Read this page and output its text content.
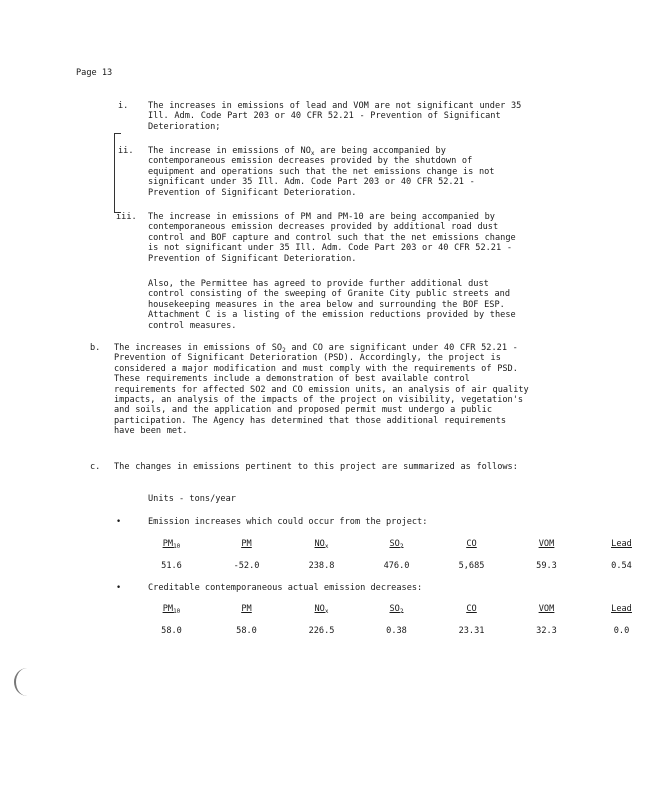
Page 13
i.	The increases in emissions of lead and VOM are not significant under 35 Ill. Adm. Code Part 203 or 40 CFR 52.21 - Prevention of Significant Deterioration;
ii.	The increase in emissions of $NO_x$ are being accompanied by contemporaneous emission decreases provided by the shutdown of equipment and operations such that the net emissions change is not significant under 35 Ill. Adm. Code Part 203 or 40 CFR 52.21 - Prevention of Significant Deterioration.
iii.	The increase in emissions of PM and PM-10 are being accompanied by contemporaneous emission decreases provided by additional road dust control and BOF capture and control such that the net emissions change is not significant under 35 Ill. Adm. Code Part 203 or 40 CFR 52.21 - Prevention of Significant Deterioration.
Also, the Permittee has agreed to provide further additional dust control consisting of the sweeping of Granite City public streets and housekeeping measures in the area below and surrounding the BOF ESP. Attachment C is a listing of the emission reductions provided by these control measures.
b.	The increases in emissions of $SO_2$ and CO are significant under 40 CFR 52.21 - Prevention of Significant Deterioration (PSD). Accordingly, the project is considered a major modification and must comply with the requirements of PSD. These requirements include a demonstration of best available control requirements for affected SO2 and CO emission units, an analysis of air quality impacts, an analysis of the impacts of the project on visibility, vegetation's and soils, and the application and proposed permit must undergo a public participation. The Agency has determined that those additional requirements have been met.
c.	The changes in emissions pertinent to this project are summarized as follows:
Units - tons/year
•	Emission increases which could occur from the project:
$PM_{10}$	PM	$NO_x$	$SO_2$	CO	VOM	Lead
51.6	-52.0	238.8	476.0	5,685	59.3	0.54
•	Creditable contemporaneous actual emission decreases:
$PM_{10}$	PM	$NO_x$	$SO_2$	CO	VOM	Lead
58.0	58.0	226.5	0.38	23.31	32.3	0.0
